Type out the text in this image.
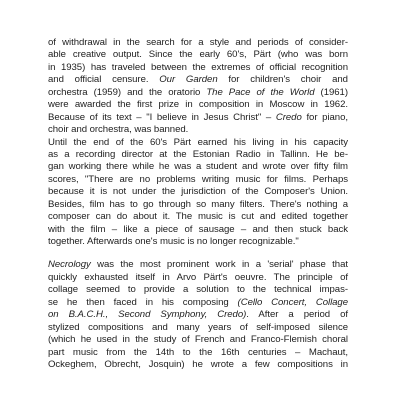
of withdrawal in the search for a style and periods of consider-
able creative output. Since the early 60's, Pärt (who was born
in 1935) has traveled between the extremes of official recognition
and official censure. Our Garden for children's choir and
orchestra (1959) and the oratorio The Pace of the World (1961)
were awarded the first prize in composition in Moscow in 1962.
Because of its text – "I believe in Jesus Christ" – Credo for piano,
choir and orchestra, was banned.
Until the end of the 60's Pärt earned his living in his capacity
as a recording director at the Estonian Radio in Tallinn. He be-
gan working there while he was a student and wrote over fifty film
scores, "There are no problems writing music for films. Perhaps
because it is not under the jurisdiction of the Composer's Union.
Besides, film has to go through so many filters. There's nothing a
composer can do about it. The music is cut and edited together
with the film – like a piece of sausage – and then stuck back
together. Afterwards one's music is no longer recognizable."
Necrology was the most prominent work in a 'serial' phase that
quickly exhausted itself in Arvo Pärt's oeuvre. The principle of
collage seemed to provide a solution to the technical impas-
se he then faced in his composing (Cello Concert, Collage
on B.A.C.H., Second Symphony, Credo). After a period of
stylized compositions and many years of self-imposed silence
(which he used in the study of French and Franco-Flemish choral
part music from the 14th to the 16th centuries – Machaut,
Ockeghem, Obrecht, Josquin) he wrote a few compositions in
